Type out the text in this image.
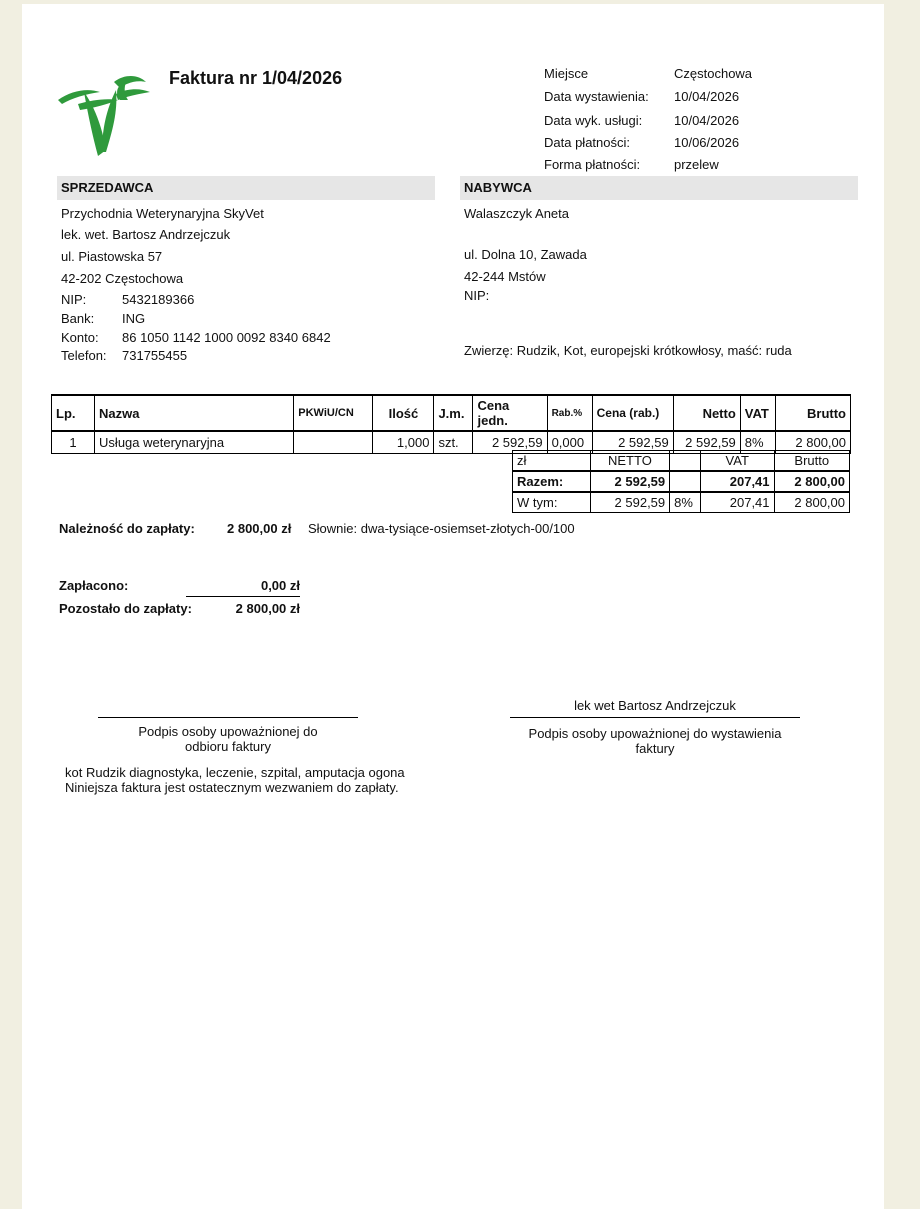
Faktura nr 1/04/2026	Miejsce	Częstochowa
Data wystawienia: 10/04/2026
Data wyk. usługi: 10/04/2026
Data płatności:	10/06/2026
Forma płatności:	przelew
SPRZEDAWCA	NABYWCA
Przychodnia Weterynaryjna SkyVet
lek. wet. Bartosz Andrzejczuk
ul. Piastowska 57
42-202 Częstochowa
NIP:	5432189366
Bank: ING
Konto: 86 1050 1142 1000 0092 8340 6842
Telefon: 731755455
Walaszczyk Aneta
ul. Dolna 10, Zawada
42-244 Mstów
NIP:
Zwierzę: Rudzik, Kot, europejski krótkowłosy, maść: ruda
Lp.	Nazwa	PKWiU/CN	Ilość	J.m.	Cena jedn.	Rab.%	Cena (rab.)	Netto	VAT	Brutto
1	Usługa weterynaryjna		1,000	szt.	2 592,59	0,000	2 592,59	2 592,59	8%	2 800,00
zł	NETTO		VAT	Brutto
Razem:	2 592,59		207,41	2 800,00
W tym:	2 592,59	8%	207,41	2 800,00
Należność do zapłaty: 2 800,00 zł Słownie: dwa-tysiące-osiemset-złotych-00/100
Zapłacono:	0,00 zł
Pozostało do zapłaty:	2 800,00 zł
Podpis osoby upoważnionej do
odbioru faktury
lek wet Bartosz Andrzejczuk
Podpis osoby upoważnionej do wystawienia
faktury
kot Rudzik diagnostyka, leczenie, szpital, amputacja ogona
Niniejsza faktura jest ostatecznym wezwaniem do zapłaty.
